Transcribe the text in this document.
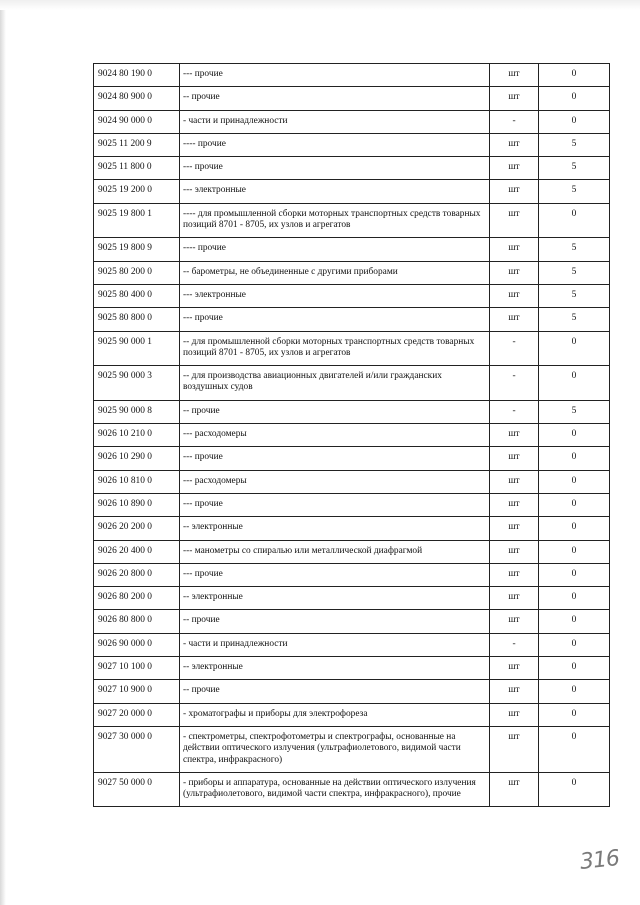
9024 80 190 0	--- прочие	шт	0
9024 80 900 0	-- прочие	шт	0
9024 90 000 0	- части и принадлежности	-	0
9025 11 200 9	---- прочие	шт	5
9025 11 800 0	--- прочие	шт	5
9025 19 200 0	--- электронные	шт	5
9025 19 800 1	---- для промышленной сборки моторных транспортных средств товарных позиций 8701 - 8705, их узлов и агрегатов	шт	0
9025 19 800 9	---- прочие	шт	5
9025 80 200 0	-- барометры, не объединенные с другими приборами	шт	5
9025 80 400 0	--- электронные	шт	5
9025 80 800 0	--- прочие	шт	5
9025 90 000 1	-- для промышленной сборки моторных транспортных средств товарных позиций 8701 - 8705, их узлов и агрегатов	-	0
9025 90 000 3	-- для производства авиационных двигателей и/или гражданских воздушных судов	-	0
9025 90 000 8	-- прочие	-	5
9026 10 210 0	--- расходомеры	шт	0
9026 10 290 0	--- прочие	шт	0
9026 10 810 0	--- расходомеры	шт	0
9026 10 890 0	--- прочие	шт	0
9026 20 200 0	-- электронные	шт	0
9026 20 400 0	--- манометры со спиралью или металлической диафрагмой	шт	0
9026 20 800 0	--- прочие	шт	0
9026 80 200 0	-- электронные	шт	0
9026 80 800 0	-- прочие	шт	0
9026 90 000 0	- части и принадлежности	-	0
9027 10 100 0	-- электронные	шт	0
9027 10 900 0	-- прочие	шт	0
9027 20 000 0	- хроматографы и приборы для электрофореза	шт	0
9027 30 000 0	- спектрометры, спектрофотометры и спектрографы, основанные на действии оптического излучения (ультрафиолетового, видимой части спектра, инфракрасного)	шт	0
9027 50 000 0	- приборы и аппаратура, основанные на действии оптического излучения (ультрафиолетового, видимой части спектра, инфракрасного), прочие	шт	0
316
